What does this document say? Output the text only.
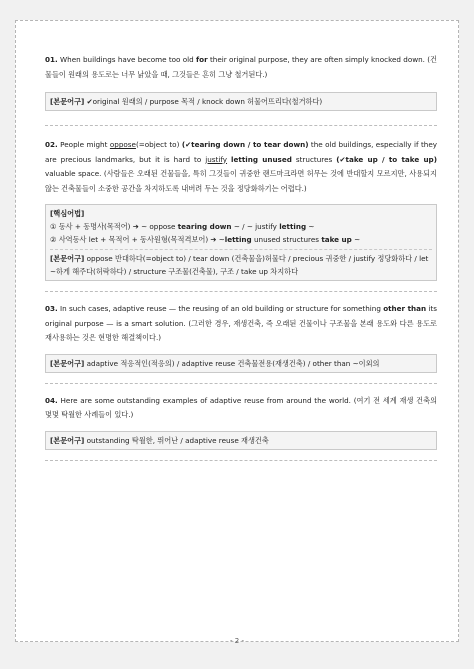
01. When buildings have become too old for their original purpose, they are often simply knocked down. (건물들이 원래의 용도로는 너무 낡았을 때, 그것들은 흔히 그냥 철거된다.)

[본문어구] ✔original 원래의 / purpose 목적 / knock down 허물어뜨리다(철거하다)

02. People might oppose(=object to) (✔tearing down / to tear down) the old buildings, especially if they are precious landmarks, but it is hard to justify letting unused structures (✔take up / to take up) valuable space. (사람들은 오래된 건물들을, 특히 그것들이 귀중한 랜드마크라면 허무는 것에 반대할지 모르지만, 사용되지 않는 건축물들이 소중한 공간을 차지하도록 내버려 두는 것을 정당화하기는 어렵다.)

[핵심어법]
① 동사 + 동명사(목적어) ➔ ~ oppose tearing down ~ / ~ justify letting ~
② 사역동사 let + 목적어 + 동사원형(목적격보어) ➔ ~letting unused structures take up ~
[본문어구] oppose 반대하다(=object to) / tear down (건축물을)허물다 / precious 귀중한 / justify 정당화하다 / let ~하게 해주다(허락하다) / structure 구조물(건축물), 구조 / take up 차지하다

03. In such cases, adaptive reuse — the reusing of an old building or structure for something other than its original purpose — is a smart solution. (그러한 경우, 재생건축, 즉 오래된 건물이나 구조물을 본래 용도와 다른 용도로 재사용하는 것은 현명한 해결책이다.)

[본문어구] adaptive 적응적인(적응의) / adaptive reuse 건축물전용(재생건축) / other than ~이외의

04. Here are some outstanding examples of adaptive reuse from around the world. (여기 전 세계 재생 건축의 몇몇 탁월한 사례들이 있다.)

[본문어구] outstanding 탁월한, 뛰어난 / adaptive reuse 재생건축
- 2 -
